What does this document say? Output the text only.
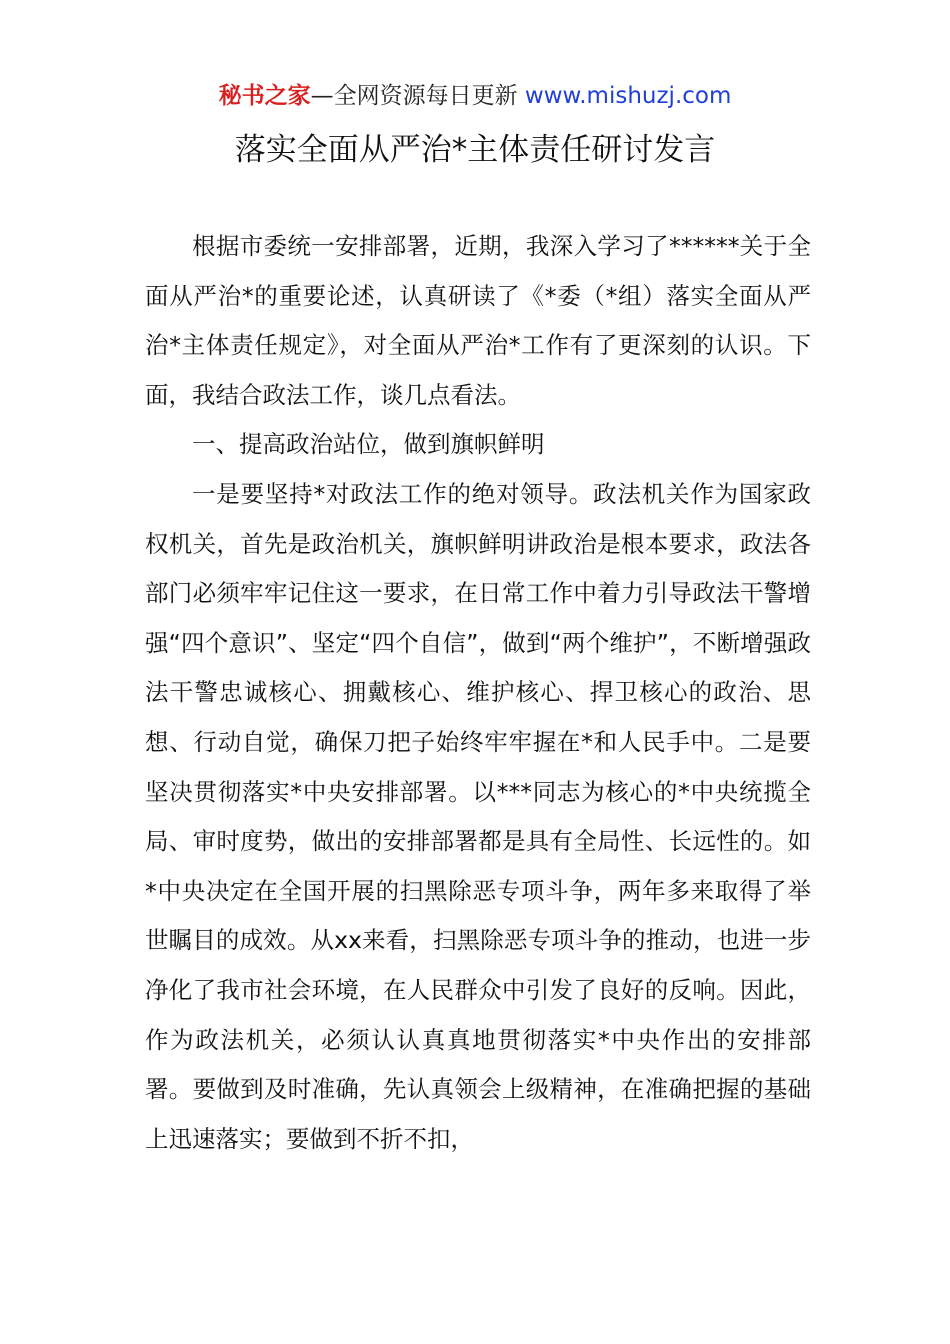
秘书之家—全网资源每日更新 www.mishuzj.com
落实全面从严治*主体责任研讨发言

根据市委统一安排部署，近期，我深入学习了******关于全面从严治*的重要论述，认真研读了《*委（*组）落实全面从严治*主体责任规定》，对全面从严治*工作有了更深刻的认识。下面，我结合政法工作，谈几点看法。

一、提高政治站位，做到旗帜鲜明

一是要坚持*对政法工作的绝对领导。政法机关作为国家政权机关，首先是政治机关，旗帜鲜明讲政治是根本要求，政法各部门必须牢牢记住这一要求，在日常工作中着力引导政法干警增强“四个意识”、坚定“四个自信”，做到“两个维护”，不断增强政法干警忠诚核心、拥戴核心、维护核心、捍卫核心的政治、思想、行动自觉，确保刀把子始终牢牢握在*和人民手中。二是要坚决贯彻落实*中央安排部署。以***同志为核心的*中央统揽全局、审时度势，做出的安排部署都是具有全局性、长远性的。如*中央决定在全国开展的扫黑除恶专项斗争，两年多来取得了举世瞩目的成效。从xx来看，扫黑除恶专项斗争的推动，也进一步净化了我市社会环境，在人民群众中引发了良好的反响。因此，作为政法机关，必须认认真真地贯彻落实*中央作出的安排部署。要做到及时准确，先认真领会上级精神，在准确把握的基础上迅速落实；要做到不折不扣，
